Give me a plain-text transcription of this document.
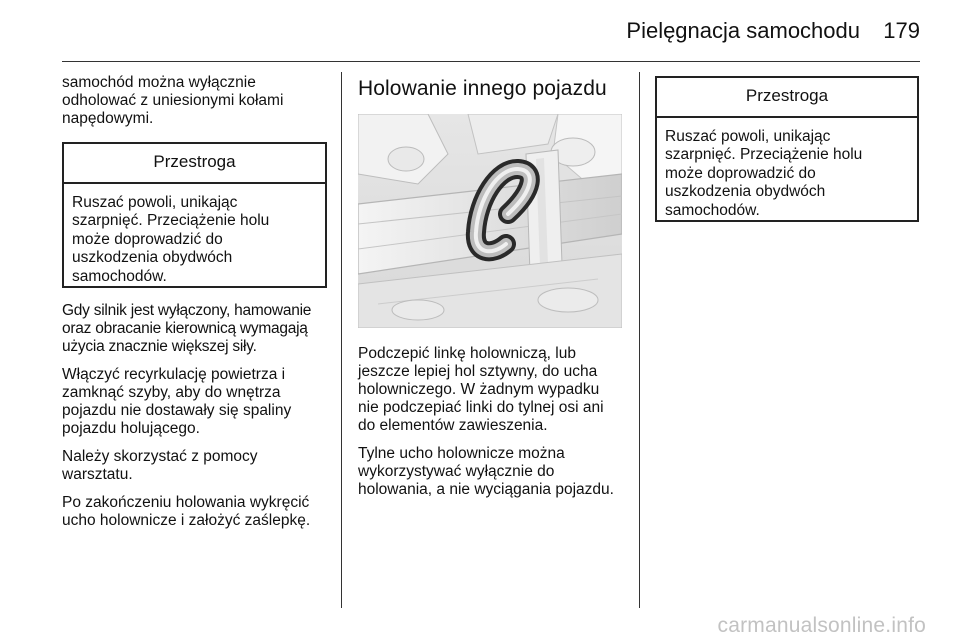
Pielęgnacja samochodu	179

samochód można wyłącznie
odholować z uniesionymi kołami
napędowymi.

Przestroga
Ruszać powoli, unikając
szarpnięć. Przeciążenie holu
może doprowadzić do
uszkodzenia obydwóch
samochodów.

Gdy silnik jest wyłączony, hamowanie
oraz obracanie kierownicą wymagają
użycia znacznie większej siły.

Włączyć recyrkulację powietrza i
zamknąć szyby, aby do wnętrza
pojazdu nie dostawały się spaliny
pojazdu holującego.

Należy skorzystać z pomocy
warsztatu.

Po zakończeniu holowania wykręcić
ucho holownicze i założyć zaślepkę.

Holowanie innego pojazdu

Podczepić linkę holowniczą, lub
jeszcze lepiej hol sztywny, do ucha
holowniczego. W żadnym wypadku
nie podczepiać linki do tylnej osi ani
do elementów zawieszenia.

Tylne ucho holownicze można
wykorzystywać wyłącznie do
holowania, a nie wyciągania pojazdu.

Przestroga
Ruszać powoli, unikając
szarpnięć. Przeciążenie holu
może doprowadzić do
uszkodzenia obydwóch
samochodów.
carmanualsonline.info
